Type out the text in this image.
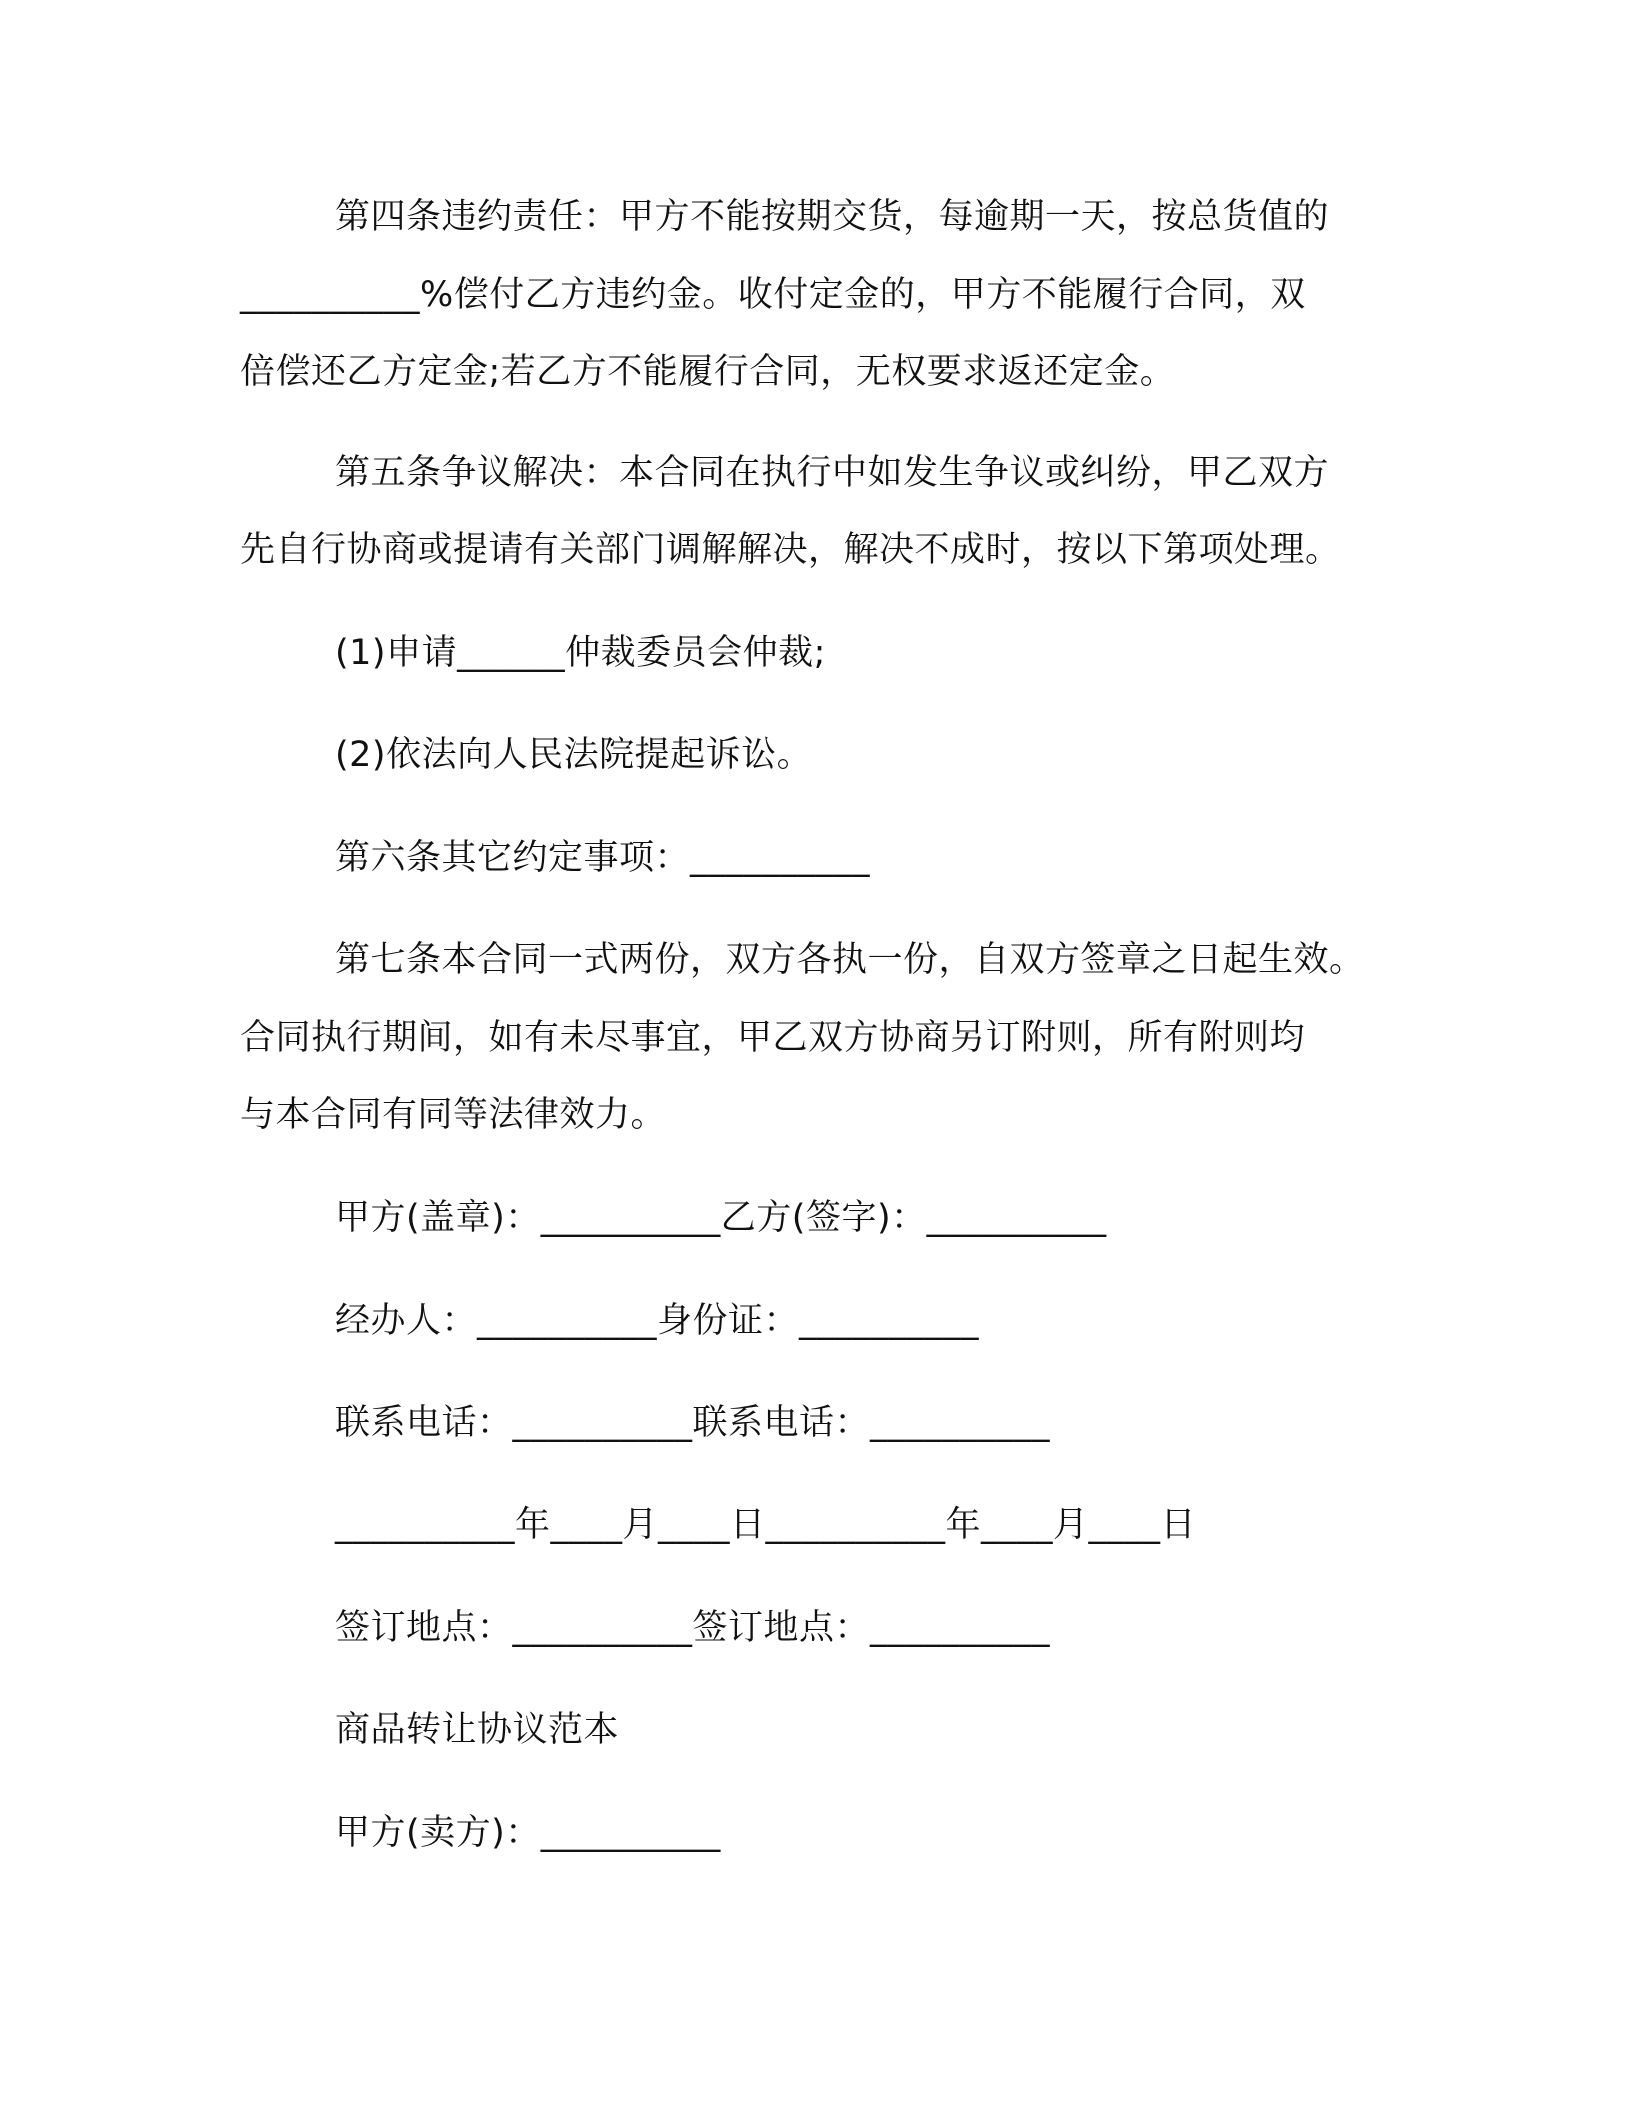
第四条违约责任：甲方不能按期交货，每逾期一天，按总货值的
__________%偿付乙方违约金。收付定金的，甲方不能履行合同，双
倍偿还乙方定金;若乙方不能履行合同，无权要求返还定金。
第五条争议解决：本合同在执行中如发生争议或纠纷，甲乙双方
先自行协商或提请有关部门调解解决，解决不成时，按以下第项处理。
(1)申请______仲裁委员会仲裁;
(2)依法向人民法院提起诉讼。
第六条其它约定事项：__________
第七条本合同一式两份，双方各执一份，自双方签章之日起生效。
合同执行期间，如有未尽事宜，甲乙双方协商另订附则，所有附则均
与本合同有同等法律效力。
甲方(盖章)：__________乙方(签字)：__________
经办人：__________身份证：__________
联系电话：__________联系电话：__________
__________年____月____日__________年____月____日
签订地点：__________签订地点：__________
商品转让协议范本
甲方(卖方)：__________
